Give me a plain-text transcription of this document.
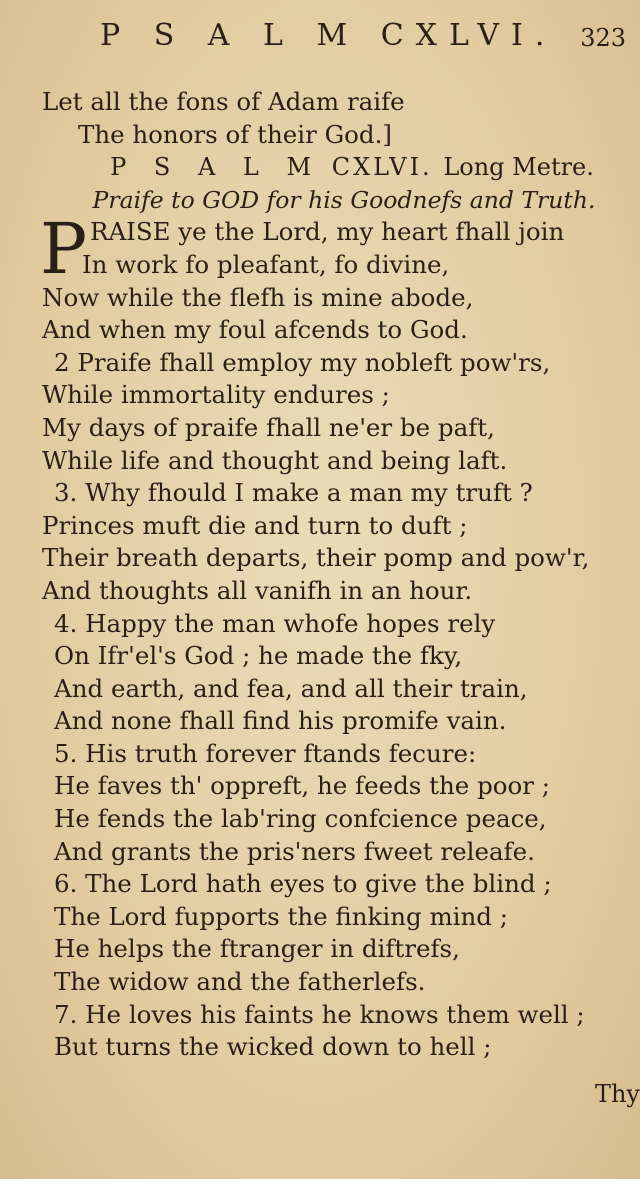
P S A L M CXLVI. 323
Let all the fons of Adam raife
The honors of their God.]
P S A L M CXLVI. Long Metre.
Praife to GOD for his Goodnefs and Truth.
P RAISE ye the Lord, my heart fhall join
In work fo pleafant, fo divine,
Now while the flefh is mine abode,
And when my foul afcends to God.
2 Praife fhall employ my nobleft pow'rs,
While immortality endures ;
My days of praife fhall ne'er be paft,
While life and thought and being laft.
3. Why fhould I make a man my truft ?
Princes muft die and turn to duft ;
Their breath departs, their pomp and pow'r,
And thoughts all vanifh in an hour.
4. Happy the man whofe hopes rely
On Ifr'el's God ; he made the fky,
And earth, and fea, and all their train,
And none fhall find his promife vain.
5. His truth forever ftands fecure:
He faves th' oppreft, he feeds the poor ;
He fends the lab'ring confcience peace,
And grants the pris'ners fweet releafe.
6. The Lord hath eyes to give the blind ;
The Lord fupports the finking mind ;
He helps the ftranger in diftrefs,
The widow and the fatherlefs.
7. He loves his faints he knows them well ;
But turns the wicked down to hell ;
Thy
